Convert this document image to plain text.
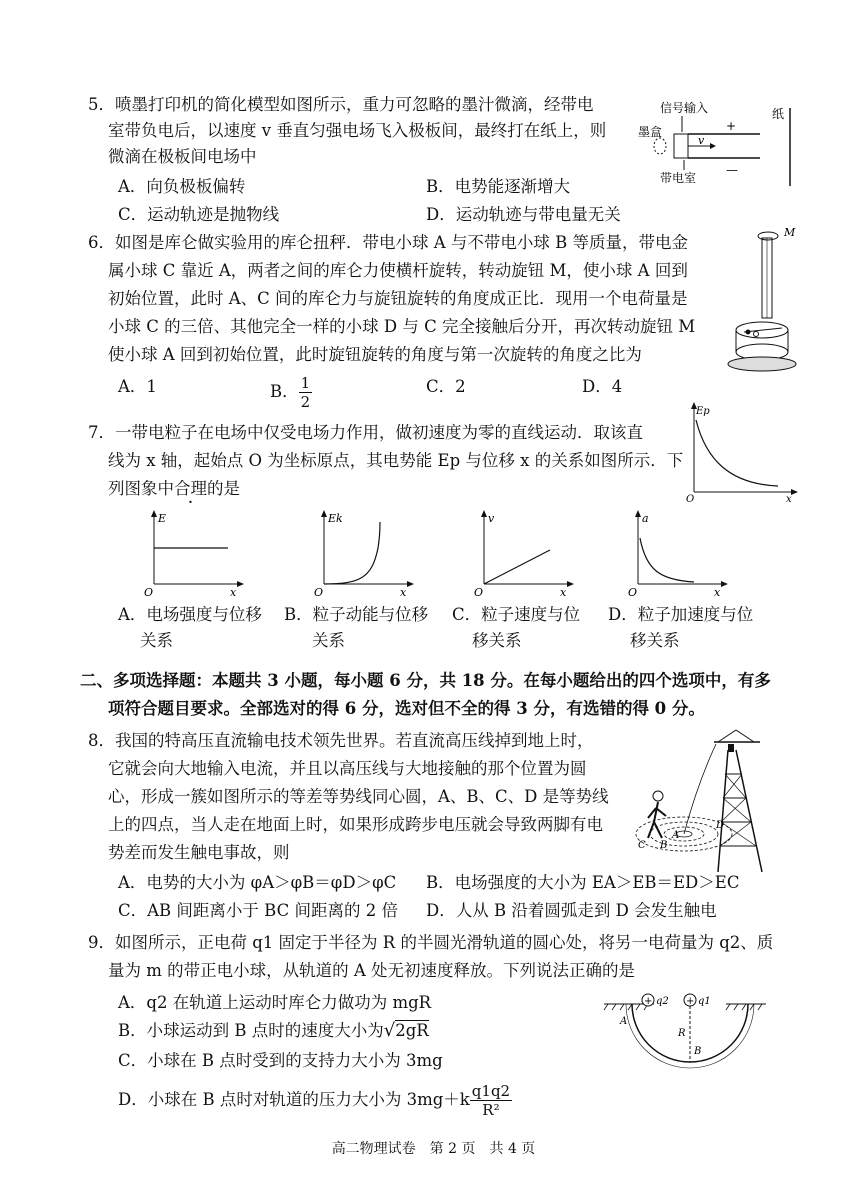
5．喷墨打印机的简化模型如图所示，重力可忽略的墨汁微滴，经带电
室带负电后，以速度 v 垂直匀强电场飞入极板间，最终打在纸上，则
微滴在极板间电场中
A．向负极板偏转	B．电势能逐渐增大
C．运动轨迹是抛物线	D．运动轨迹与带电量无关
信号输入
墨盒
v
+
—
带电室
纸
6．如图是库仑做实验用的库仑扭秤．带电小球 A 与不带电小球 B 等质量，带电金
属小球 C 靠近 A，两者之间的库仑力使横杆旋转，转动旋钮 M，使小球 A 回到
初始位置，此时 A、C 间的库仑力与旋钮旋转的角度成正比．现用一个电荷量是
小球 C 的三倍、其他完全一样的小球 D 与 C 完全接触后分开，再次转动旋钮 M
使小球 A 回到初始位置，此时旋钮旋转的角度与第一次旋转的角度之比为
A．1	B． $\frac{1}{2}$	C．2	D．4
M
7．一带电粒子在电场中仅受电场力作用，做初速度为零的直线运动．取该直
线为 x 轴，起始点 O 为坐标原点，其电势能 Ep 与位移 x 的关系如图所示．下
列图象中合理的是
Ep
O	x
E
O	x
Ek
O	x
v
O	x
a
O	x
A．电场强度与位移
关系
B．粒子动能与位移
关系
C．粒子速度与位
移关系
D．粒子加速度与位
移关系
二、多项选择题：本题共 3 小题，每小题 6 分，共 18 分。在每小题给出的四个选项中，有多
项符合题目要求。全部选对的得 6 分，选对但不全的得 3 分，有选错的得 0 分。
8．我国的特高压直流输电技术领先世界。若直流高压线掉到地上时，
它就会向大地输入电流，并且以高压线与大地接触的那个位置为圆
心，形成一簇如图所示的等差等势线同心圆，A、B、C、D 是等势线
上的四点，当人走在地面上时，如果形成跨步电压就会导致两脚有电
势差而发生触电事故，则
A．电势的大小为 φA＞φB＝φD＞φC B．电场强度的大小为 EA＞EB＝ED＞EC
C．AB 间距离小于 BC 间距离的 2 倍 D．人从 B 沿着圆弧走到 D 会发生触电
A
B
C
D
9．如图所示，正电荷 q1 固定于半径为 R 的半圆光滑轨道的圆心处，将另一电荷量为 q2、质
量为 m 的带正电小球，从轨道的 A 处无初速度释放。下列说法正确的是
A．q2 在轨道上运动时库仑力做功为 mgR
B．小球运动到 B 点时的速度大小为√2gR
C．小球在 B 点时受到的支持力大小为 3mg
D．小球在 B 点时对轨道的压力大小为 $3mg+k \frac{q1q2}{\text{R²}}$
+ q2 + q1
R
A
B
高二物理试卷　第 2 页　共 4 页
